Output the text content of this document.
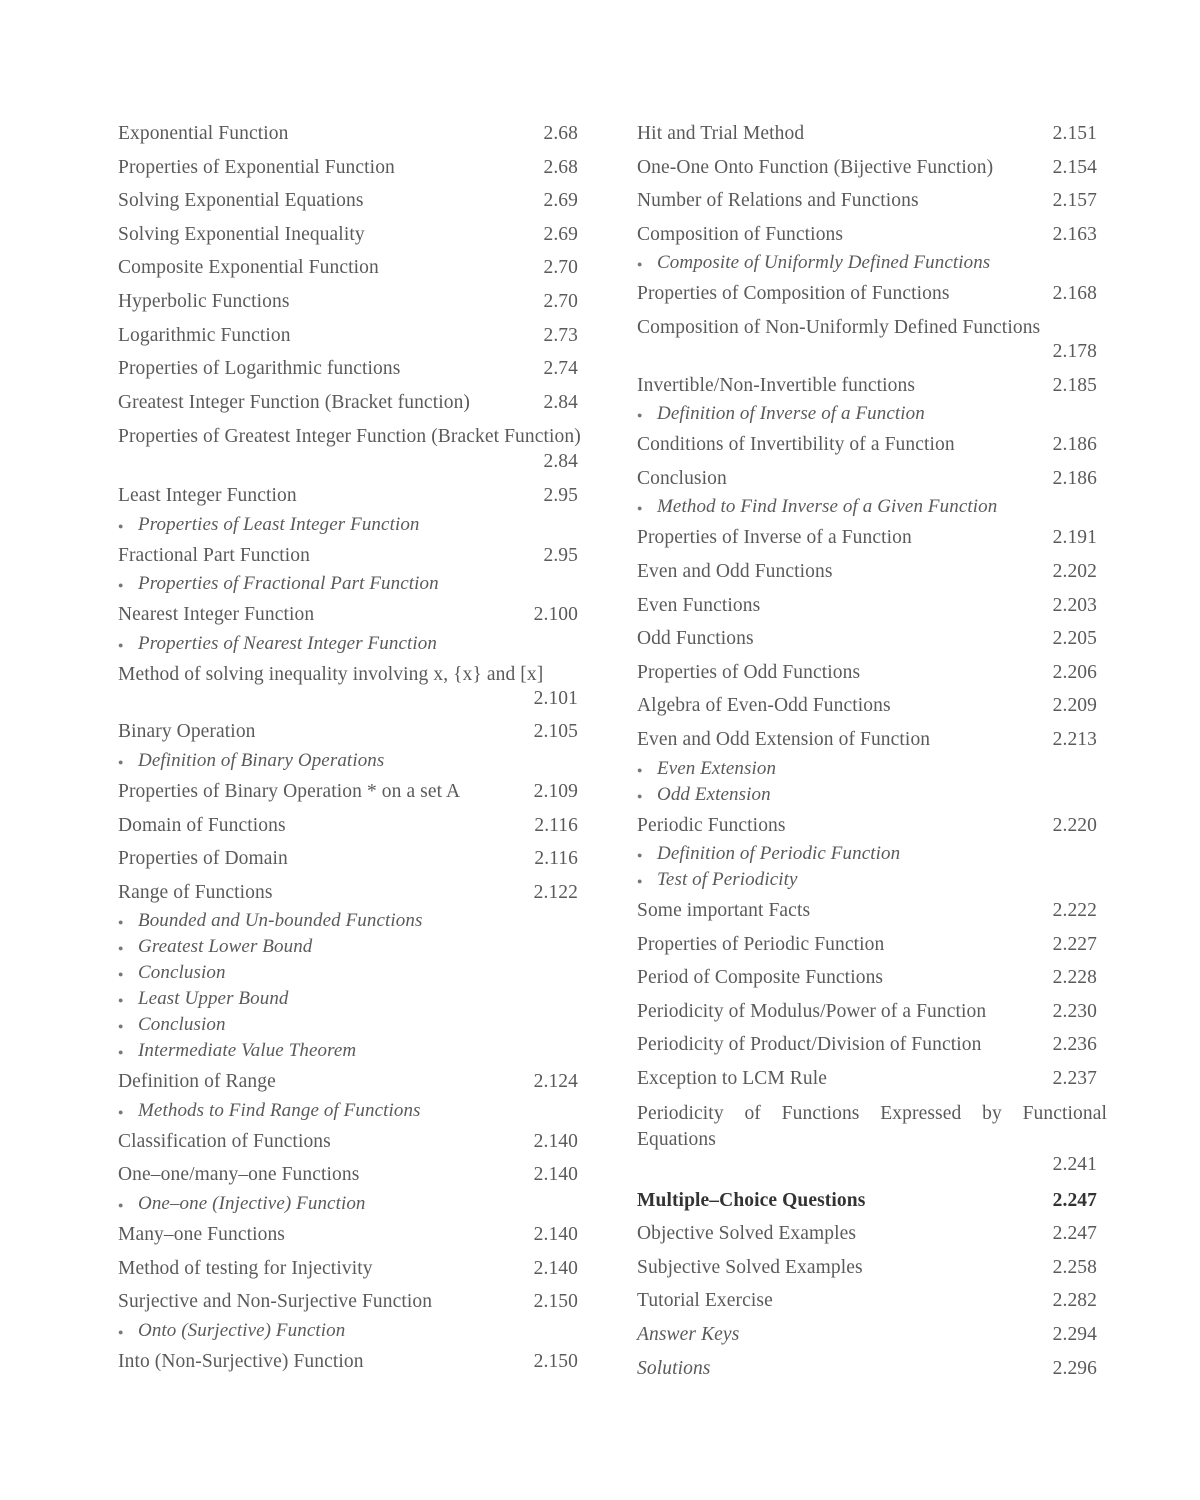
Exponential Function	2.68
Properties of Exponential Function	2.68
Solving Exponential Equations	2.69
Solving Exponential Inequality	2.69
Composite Exponential Function	2.70
Hyperbolic Functions	2.70
Logarithmic Function	2.73
Properties of Logarithmic functions	2.74
Greatest Integer Function (Bracket function)	2.84
Properties of Greatest Integer Function (Bracket Function)
2.84
Least Integer Function	2.95
● Properties of Least Integer Function
Fractional Part Function	2.95
● Properties of Fractional Part Function
Nearest Integer Function	2.100
● Properties of Nearest Integer Function
Method of solving inequality involving x, {x} and [x]
2.101
Binary Operation	2.105
● Definition of Binary Operations
Properties of Binary Operation * on a set A	2.109
Domain of Functions	2.116
Properties of Domain	2.116
Range of Functions	2.122
● Bounded and Un-bounded Functions
● Greatest Lower Bound
● Conclusion
● Least Upper Bound
● Conclusion
● Intermediate Value Theorem
Definition of Range	2.124
● Methods to Find Range of Functions
Classification of Functions	2.140
One–one/many–one Functions	2.140
● One–one (Injective) Function
Many–one Functions	2.140
Method of testing for Injectivity	2.140
Surjective and Non-Surjective Function	2.150
● Onto (Surjective) Function
Into (Non-Surjective) Function	2.150
Hit and Trial Method	2.151
One-One Onto Function (Bijective Function)	2.154
Number of Relations and Functions	2.157
Composition of Functions	2.163
● Composite of Uniformly Defined Functions
Properties of Composition of Functions	2.168
Composition of Non-Uniformly Defined Functions
2.178
Invertible/Non-Invertible functions	2.185
● Definition of Inverse of a Function
Conditions of Invertibility of a Function	2.186
Conclusion	2.186
● Method to Find Inverse of a Given Function
Properties of Inverse of a Function	2.191
Even and Odd Functions	2.202
Even Functions	2.203
Odd Functions	2.205
Properties of Odd Functions	2.206
Algebra of Even-Odd Functions	2.209
Even and Odd Extension of Function	2.213
● Even Extension
● Odd Extension
Periodic Functions	2.220
● Definition of Periodic Function
● Test of Periodicity
Some important Facts	2.222
Properties of Periodic Function	2.227
Period of Composite Functions	2.228
Periodicity of Modulus/Power of a Function	2.230
Periodicity of Product/Division of Function	2.236
Exception to LCM Rule	2.237
Periodicity of Functions Expressed by Functional Equations
2.241
Multiple–Choice Questions	2.247
Objective Solved Examples	2.247
Subjective Solved Examples	2.258
Tutorial Exercise	2.282
Answer Keys	2.294
Solutions	2.296
